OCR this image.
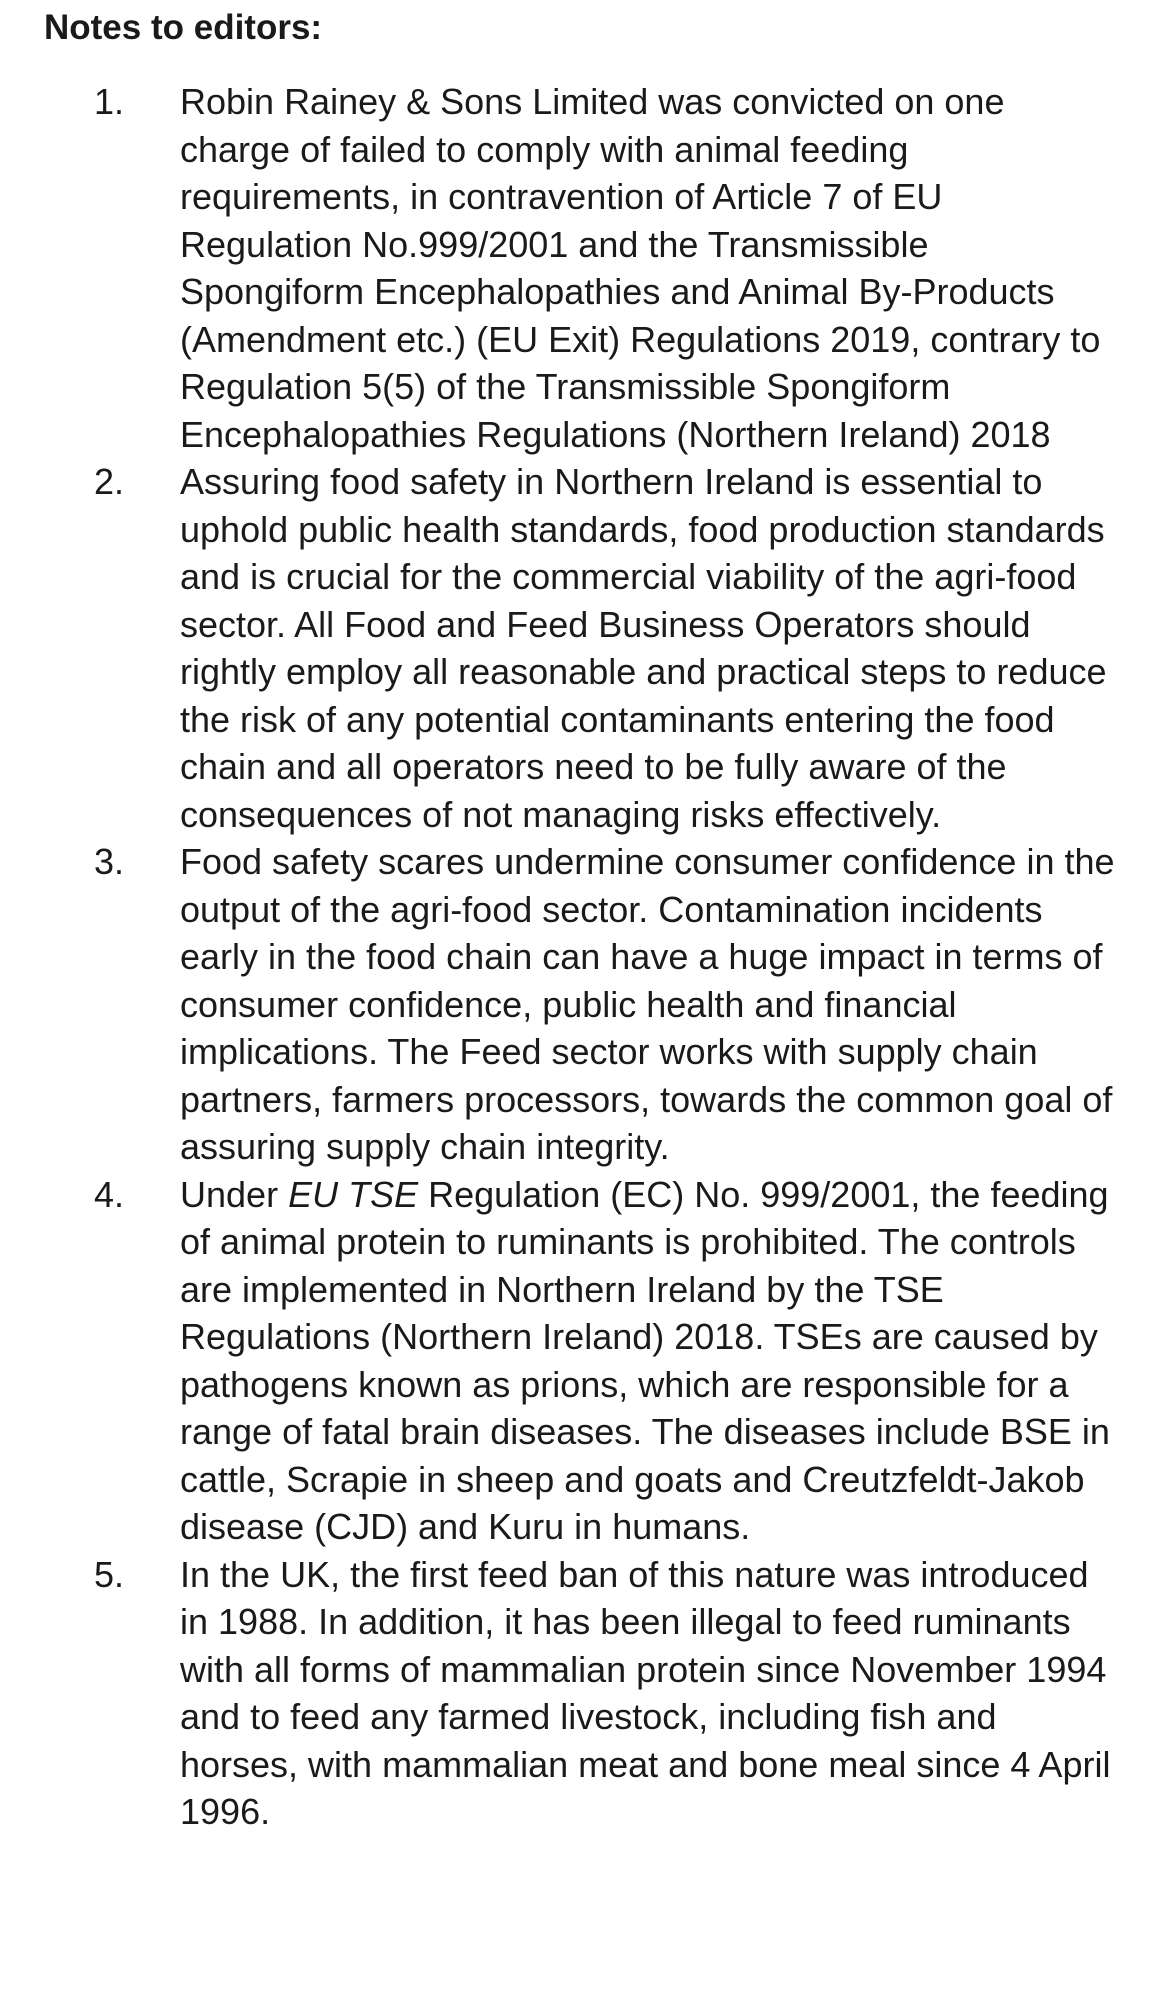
Notes to editors:
1.	Robin Rainey & Sons Limited was convicted on one charge of failed to comply with animal feeding requirements, in contravention of Article 7 of EU Regulation No.999/2001 and the Transmissible Spongiform Encephalopathies and Animal By-Products (Amendment etc.) (EU Exit) Regulations 2019, contrary to Regulation 5(5) of the Transmissible Spongiform Encephalopathies Regulations (Northern Ireland) 2018
2.	Assuring food safety in Northern Ireland is essential to uphold public health standards, food production standards and is crucial for the commercial viability of the agri-food sector. All Food and Feed Business Operators should rightly employ all reasonable and practical steps to reduce the risk of any potential contaminants entering the food chain and all operators need to be fully aware of the consequences of not managing risks effectively.
3.	Food safety scares undermine consumer confidence in the output of the agri-food sector. Contamination incidents early in the food chain can have a huge impact in terms of consumer confidence, public health and financial implications. The Feed sector works with supply chain partners, farmers processors, towards the common goal of assuring supply chain integrity.
4.	Under EU TSE Regulation (EC) No. 999/2001, the feeding of animal protein to ruminants is prohibited. The controls are implemented in Northern Ireland by the TSE Regulations (Northern Ireland) 2018. TSEs are caused by pathogens known as prions, which are responsible for a range of fatal brain diseases. The diseases include BSE in cattle, Scrapie in sheep and goats and Creutzfeldt-Jakob disease (CJD) and Kuru in humans.
5.	In the UK, the first feed ban of this nature was introduced in 1988. In addition, it has been illegal to feed ruminants with all forms of mammalian protein since November 1994 and to feed any farmed livestock, including fish and horses, with mammalian meat and bone meal since 4 April 1996.
